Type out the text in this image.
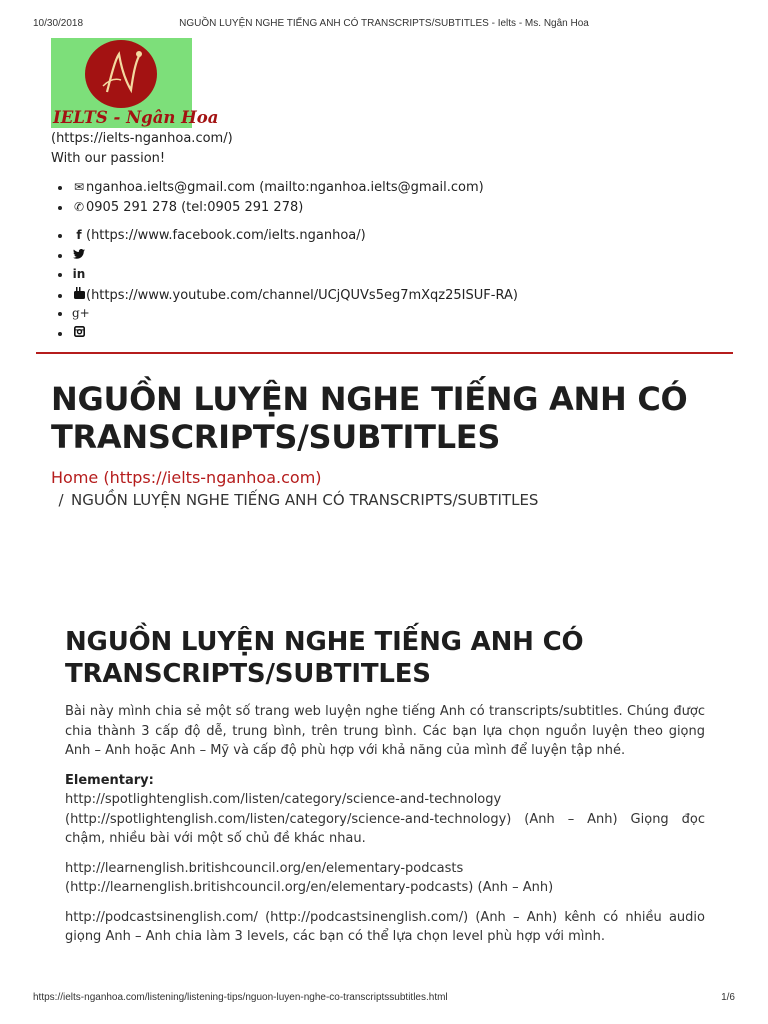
10/30/2018	NGUỒN LUYỆN NGHE TIẾNG ANH CÓ TRANSCRIPTS/SUBTITLES - Ielts - Ms. Ngân Hoa
IELTS - Ngân Hoa
(https://ielts-nganhoa.com/)
With our passion!
• ✉ nganhoa.ielts@gmail.com (mailto:nganhoa.ielts@gmail.com)
• ✆ 0905 291 278 (tel:0905 291 278)
• f (https://www.facebook.com/ielts.nganhoa/)
•
• in
• (https://www.youtube.com/channel/UCjQUVs5eg7mXqz25ISUF-RA)
• g+
•
NGUỒN LUYỆN NGHE TIẾNG ANH CÓ TRANSCRIPTS/SUBTITLES
Home (https://ielts-nganhoa.com)
/ NGUỒN LUYỆN NGHE TIẾNG ANH CÓ TRANSCRIPTS/SUBTITLES
NGUỒN LUYỆN NGHE TIẾNG ANH CÓ TRANSCRIPTS/SUBTITLES

Bài này mình chia sẻ một số trang web luyện nghe tiếng Anh có transcripts/subtitles. Chúng được chia thành 3 cấp độ dễ, trung bình, trên trung bình. Các bạn lựa chọn nguồn luyện theo giọng Anh – Anh hoặc Anh – Mỹ và cấp độ phù hợp với khả năng của mình để luyện tập nhé.

Elementary:
http://spotlightenglish.com/listen/category/science-and-technology (http://spotlightenglish.com/listen/category/science-and-technology) (Anh – Anh) Giọng đọc chậm, nhiều bài với một số chủ đề khác nhau.

http://learnenglish.britishcouncil.org/en/elementary-podcasts (http://learnenglish.britishcouncil.org/en/elementary-podcasts) (Anh – Anh)

http://podcastsinenglish.com/ (http://podcastsinenglish.com/) (Anh – Anh) kênh có nhiều audio giọng Anh – Anh chia làm 3 levels, các bạn có thể lựa chọn level phù hợp với mình.

https://ielts-nganhoa.com/listening/listening-tips/nguon-luyen-nghe-co-transcriptssubtitles.html	1/6
